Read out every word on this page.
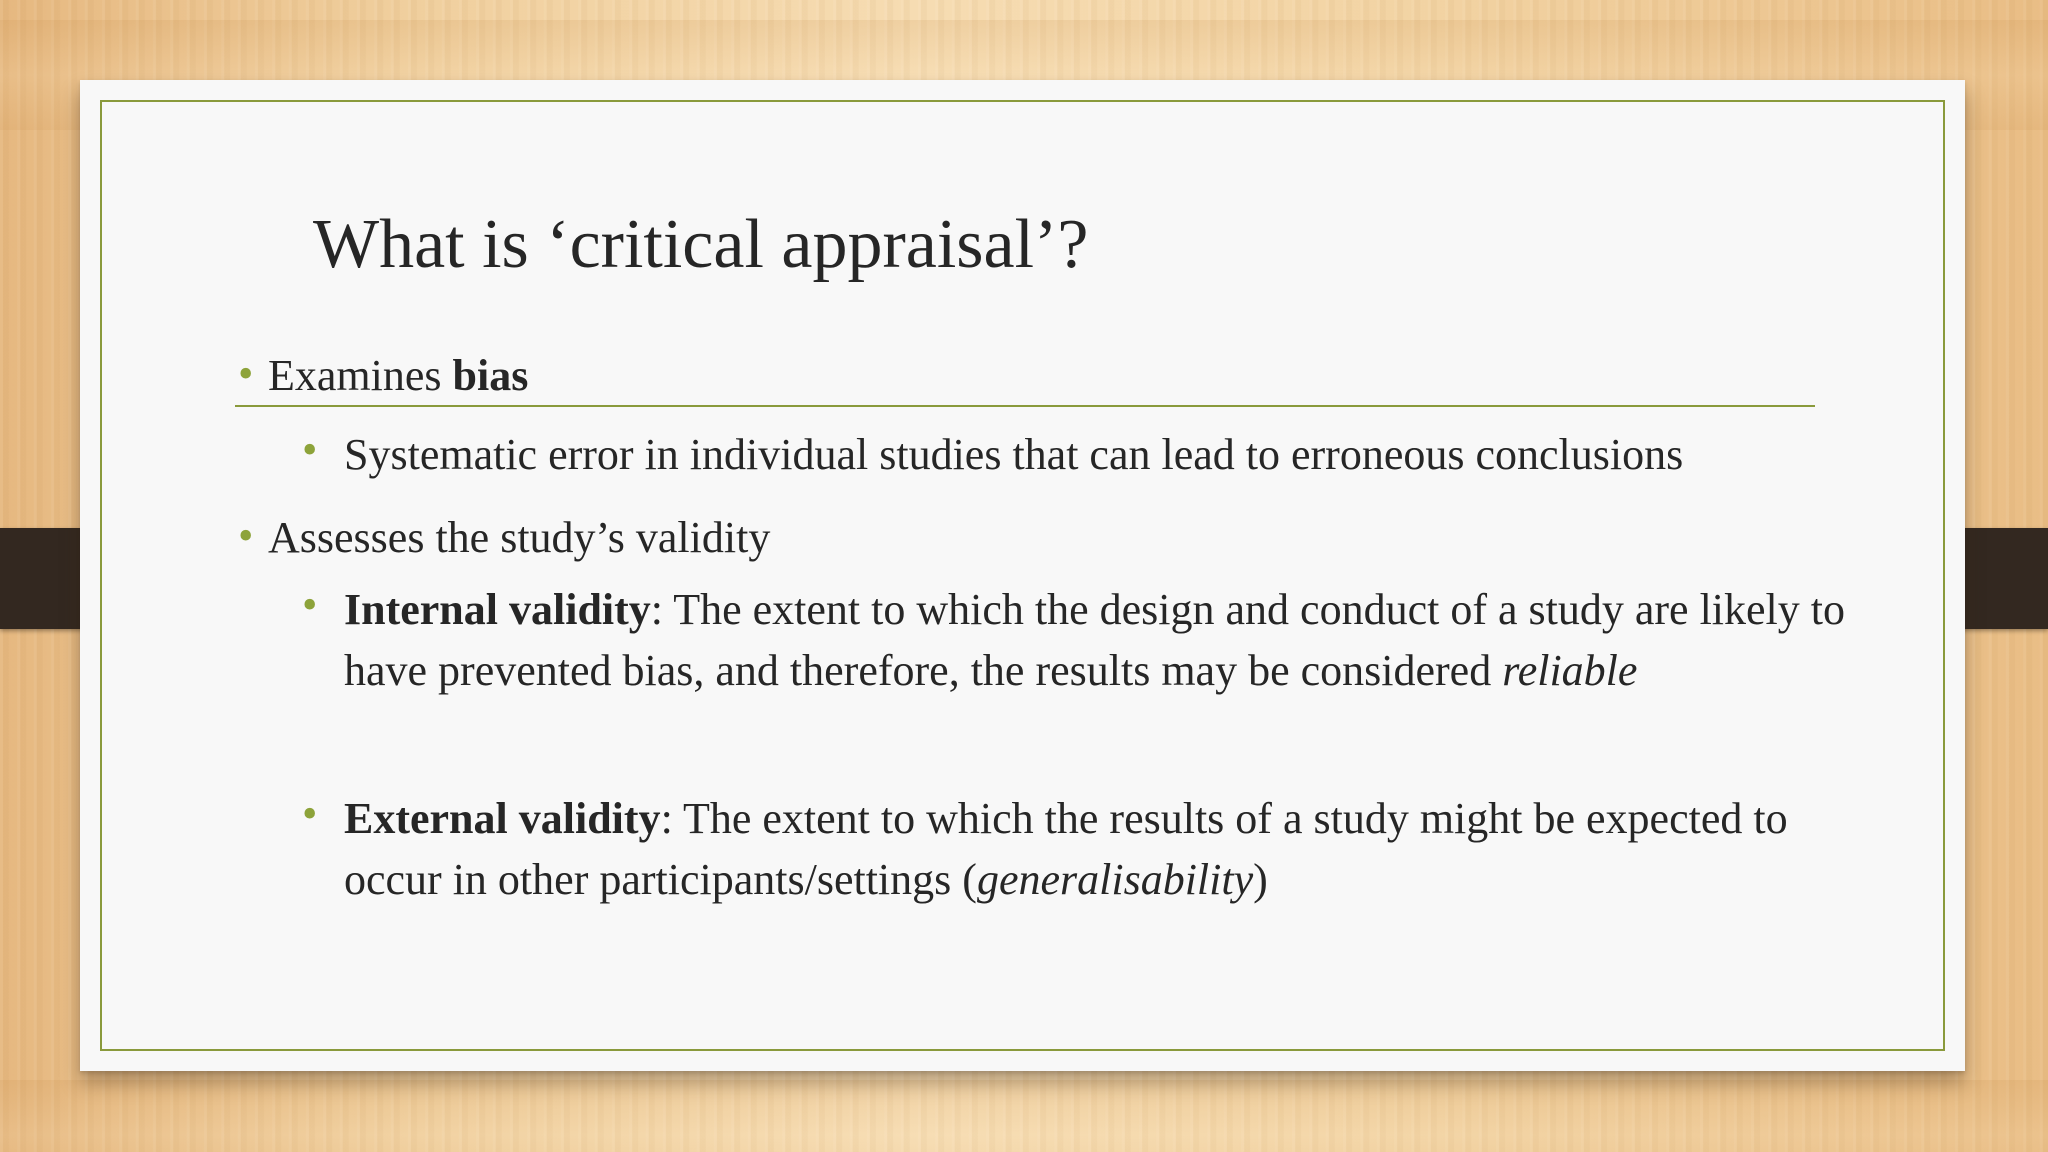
What is ‘critical appraisal’?
• Examines bias
• Systematic error in individual studies that can lead to erroneous conclusions
• Assesses the study’s validity
• Internal validity: The extent to which the design and conduct of a study are likely to have prevented bias, and therefore, the results may be considered reliable
• External validity: The extent to which the results of a study might be expected to occur in other participants/settings (generalisability)
